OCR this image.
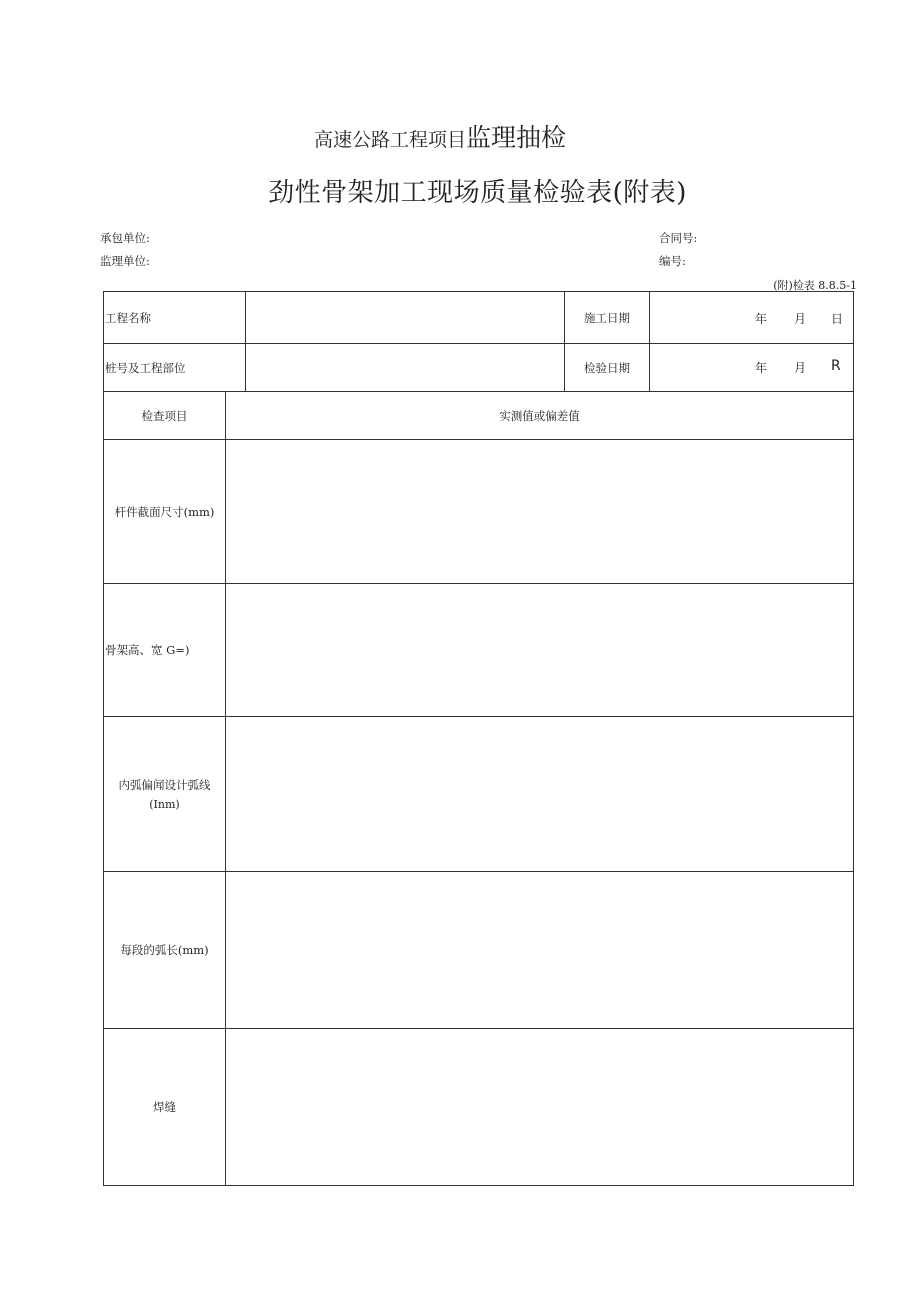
高速公路工程项目监理抽检
劲性骨架加工现场质量检验表(附表)
承包单位:	合同号:
监理单位:	编号:
(附)检表 8.8.5-1
工程名称	施工日期	年 月 日
桩号及工程部位	检验日期	年 月 R
检查项目	实测值或偏差值
杆件截面尺寸(mm)
骨架高、宽 G=)
内弧偏闻设计弧线
(Inm)
每段的弧长(mm)
焊缝
